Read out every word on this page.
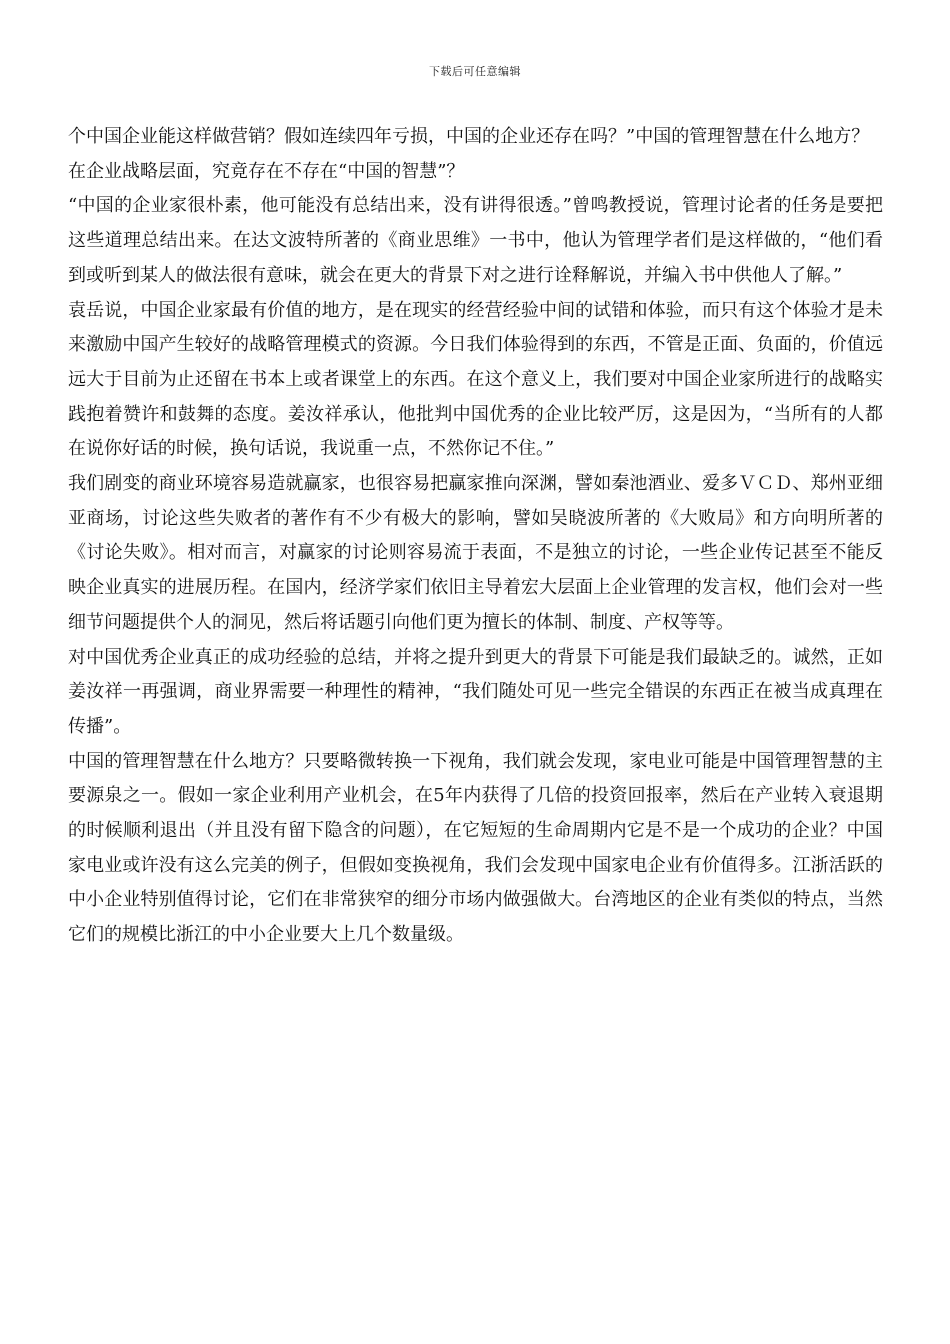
下载后可任意编辑

个中国企业能这样做营销？假如连续四年亏损，中国的企业还存在吗？”中国的管理智慧在什么地方？

在企业战略层面，究竟存在不存在“中国的智慧”？

“中国的企业家很朴素，他可能没有总结出来，没有讲得很透。”曾鸣教授说，管理讨论者的任务是要把这些道理总结出来。在达文波特所著的《商业思维》一书中，他认为管理学者们是这样做的，“他们看到或听到某人的做法很有意味，就会在更大的背景下对之进行诠释解说，并编入书中供他人了解。”

袁岳说，中国企业家最有价值的地方，是在现实的经营经验中间的试错和体验，而只有这个体验才是未来激励中国产生较好的战略管理模式的资源。今日我们体验得到的东西，不管是正面、负面的，价值远远大于目前为止还留在书本上或者课堂上的东西。在这个意义上，我们要对中国企业家所进行的战略实践抱着赞许和鼓舞的态度。姜汝祥承认，他批判中国优秀的企业比较严厉，这是因为，“当所有的人都在说你好话的时候，换句话说，我说重一点，不然你记不住。”

我们剧变的商业环境容易造就赢家，也很容易把赢家推向深渊，譬如秦池酒业、爱多ＶＣＤ、郑州亚细亚商场，讨论这些失败者的著作有不少有极大的影响，譬如吴晓波所著的《大败局》和方向明所著的《讨论失败》。相对而言，对赢家的讨论则容易流于表面，不是独立的讨论，一些企业传记甚至不能反映企业真实的进展历程。在国内，经济学家们依旧主导着宏大层面上企业管理的发言权，他们会对一些细节问题提供个人的洞见，然后将话题引向他们更为擅长的体制、制度、产权等等。

对中国优秀企业真正的成功经验的总结，并将之提升到更大的背景下可能是我们最缺乏的。诚然，正如姜汝祥一再强调，商业界需要一种理性的精神，“我们随处可见一些完全错误的东西正在被当成真理在传播”。

中国的管理智慧在什么地方？只要略微转换一下视角，我们就会发现，家电业可能是中国管理智慧的主要源泉之一。假如一家企业利用产业机会，在5年内获得了几倍的投资回报率，然后在产业转入衰退期的时候顺利退出（并且没有留下隐含的问题），在它短短的生命周期内它是不是一个成功的企业？中国家电业或许没有这么完美的例子，但假如变换视角，我们会发现中国家电企业有价值得多。江浙活跃的中小企业特别值得讨论，它们在非常狭窄的细分市场内做强做大。台湾地区的企业有类似的特点，当然它们的规模比浙江的中小企业要大上几个数量级。
